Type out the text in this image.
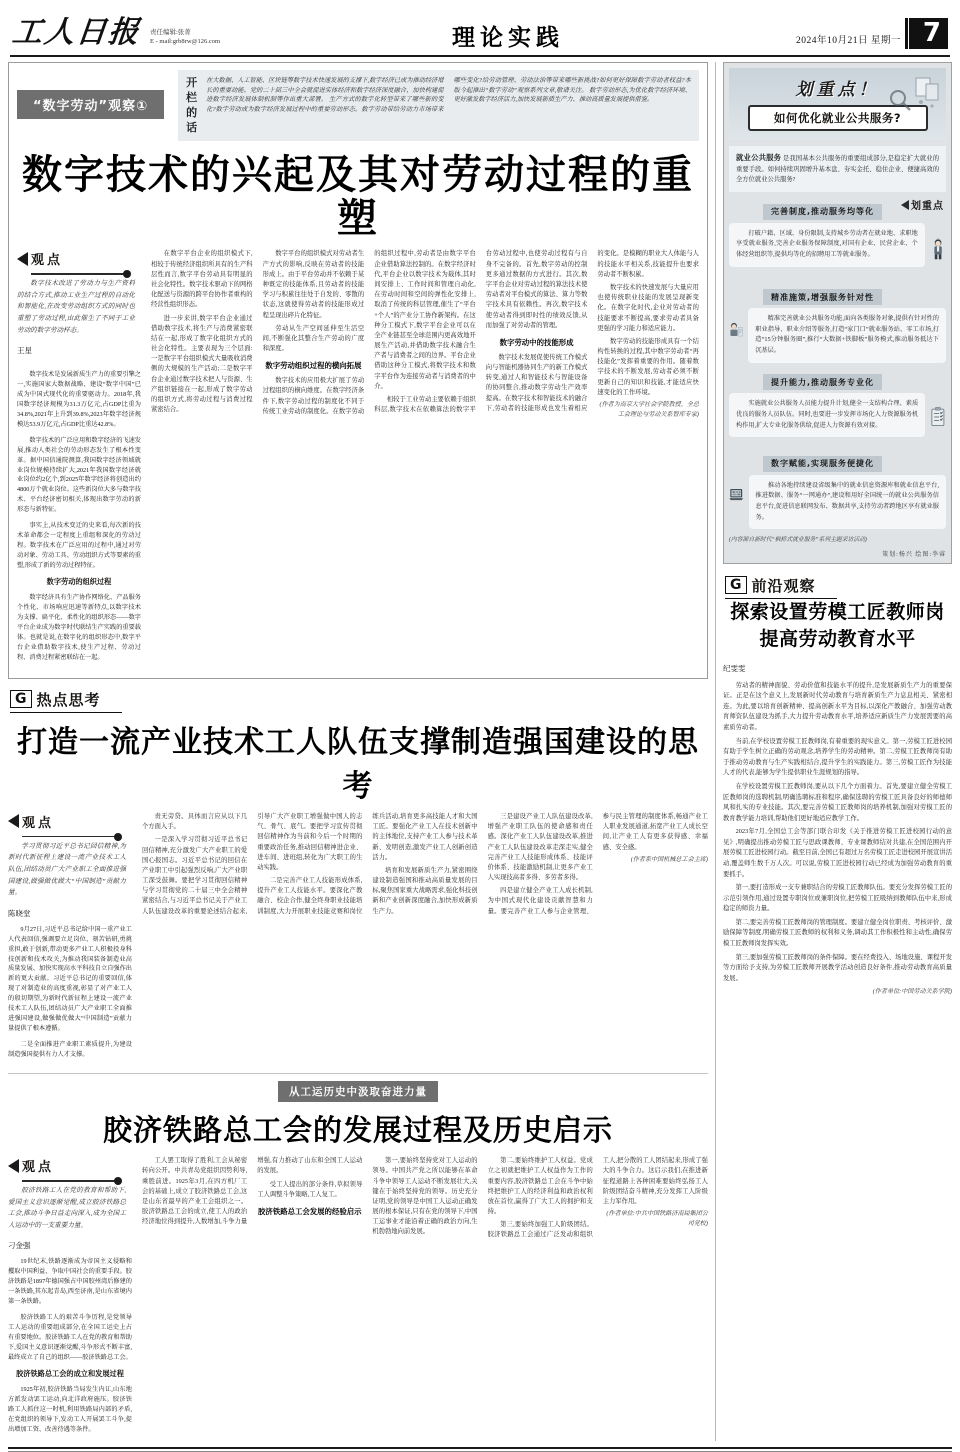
工人日报 责任编辑:张菁
E - mail:grb8rw@126.com	理论实践	2024年10月21日 星期一 7
“数字劳动”观察①
开栏的话
在大数据、人工智能、区块链等数字技术快速发展的支撑下,数字经济已成为推动经济增长的重要动能。党的二十届三中全会就促进实体经济和数字经济深度融合、加快构建促进数字经济发展体制机制等作出重大部署。 生产方式的数字化转型带来了哪些新的变化?数字劳动成为数字经济发展过程中的重要劳动形态。数字劳动带给劳动力市场带来哪些变化?给劳动管理、劳动法治等带来哪些新挑战?如何更好保障数字劳动者权益?本版今起推出“数字劳动”观察系列文章,敬请关注。 数字劳动形态,为优化数字经济环境、更好激发数字经济活力,加快发展新质生产力、推动高质量发展提供借鉴。
数字技术的兴起及其对劳动过程的重塑
观点
数字技术改进了劳动力与生产资料的结合方式,推动工业生产过程的自动化和智能化,在改变劳动组织方式的同时也重塑了劳动过程,由此催生了不同于工业劳动的数字劳动样态。
王星

数字技术是发展新质生产力的重要引擎之一,实施国家大数据战略、建设“数字中国”已成为中国式现代化的重要驱动力。2018年,我国数字经济规模为31.3万亿元,占GDP比重为34.8%,2021年上升到39.8%,2023年数字经济规模达53.9万亿元,占GDP比重达42.8%。

数字技术的广泛应用和数字经济的飞速发展,推动人类社会的劳动形态发生了根本性变革。据中国信通院测算,我国数字经济领域就业岗位规模持续扩大,2021年我国数字经济就业岗位约2亿个,到2025年数字经济将创造出约4800万个就业岗位。这些新岗位大多与数字技术、平台经济密切相关,体现出数字劳动的新形态与新特征。

事实上,从技术变迁的史来看,每次新的技术革命都会一定程度上重组和深化的劳动过程。数字技术在广泛应用的过程中,通过对劳动对象、劳动工具、劳动组织方式等要素的重塑,形成了新的劳动过程特征。

数字劳动的组织过程

数字经济具有生产协作网络化、产品服务个性化、市场响应迅速等新特点,以数字技术为支撑、扁平化、柔性化的组织形态——数字平台企业成为数字时代联结生产实践的重要载体。也就是说,在数字化的组织形态中,数字平台企业借助数字技术,使生产过程、劳动过程、消费过程紧密联结在一起。

在数字平台企业的组织模式下,相较于传统经济组织所具有的生产科层性而言,数字平台劳动具有明显的社会化特性。数字技术驱动下的网格化配送与资源的跨平台协作者重构的经营性组织形态。

进一步来讲,数字平台企业通过借助数字技术,将生产与消费紧密联结在一起,形成了数字化组织方式的社会化特性。主要表现为三个层面: 一是数字平台组织模式大量吸收消费侧的大规模的生产活动;二是数字平台企业通过数字技术把人与资源、生产组织链接在一起,形成了数字劳动的组织方式,将劳动过程与消费过程紧密结合。

数字平台的组织模式对劳动者生产方式的影响,反映在劳动者的技能形成上。由于平台劳动并不依赖于某种既定的技能体系,且劳动者的技能学习与积累往往处于自发的、零散的状态,这就使得劳动者的技能形成过程呈现出碎片化特征。

劳动从生产空间延伸至生活空间,不断强化其整合生产劳动的广度和深度。

数字劳动组织过程的横向拓展

数字技术的应用极大扩展了劳动过程组织的横向维度。在数字经济条件下,数字劳动过程的制度化不同于传统工业劳动的制度化。在数字劳动的组织过程中,劳动者是由数字平台企业借助算法控制的。在数字经济时代,平台企业以数字技术为载体,其时间安排上、工作时间和管理自动化,在劳动时间和空间的弹性化安排上,取消了传统的科层管理,催生了“平台+个人”的产业分工协作新架构。在这种分工模式下,数字平台企业可以在全产业链甚至全球范围内更高效地开展生产活动,并借助数字技术融合生产者与消费者之间的边界。平台企业借助这种分工模式,将数字技术和数字平台作为连接劳动者与消费者的中介。

相较于工业劳动主要依赖于组织科层,数字技术在依赖算法的数字平台劳动过程中,也使劳动过程有与自身不完备的。首先,数字劳动的控制更多通过数据的方式进行。其次,数字平台企业对劳动过程的算法技术使劳动者对平台模式的算法、算力等数字技术具有依赖性。再次,数字技术使劳动者得到即时性的绩效反馈,从而加强了对劳动者的管理。

数字劳动中的技能形成

数字技术发展促使传统工作模式向与智能机器协同生产的新工作模式转变,通过人和智能技术与智能设备的协同整合,推动数字劳动生产效率提高。在数字技术和智能技术的融合下,劳动者的技能形成也发生着相应的变化。是模糊的职业大人体能与人的技能水平相关系,技能提升也要求劳动者不断积累。

数字技术的快速发展与大量应用也使传统职业技能的发展呈现新变化。在数字化时代,企业对劳动者的技能要求不断提高,要求劳动者具备更强的学习能力和适应能力。

数字劳动的技能形成具有一个结构性转换的过程,其中数字劳动者“再技能化”发挥着重要的作用。随着数字技术的不断发展,劳动者必须不断更新自己的知识和技能,才能适应快速变化的工作环境。

(作者为南京大学社会学院教授、全总工会理论与劳动关系智库专家)

G 热点思考
打造一流产业技术工人队伍支撑制造强国建设的思考
观点
学习贯彻习近平总书记回信精神,为新时代新征程上建设一流产业技术工人队伍,团结动员广大产业职工全面推进强国建设,做强做优做大“中国制造”贡献力量。
陈晓堂

9月27日,习近平总书记给中国一重产业工人代表回信,强调要立足岗位、刻苦钻研,勇挑重担,敢于创新,带动更多产业工人积极投身科技创新和技术攻关,为推动我国装备制造业高质量发展、加快实现高水平科技自立自强作出新的更大贡献。习近平总书记的重要回信,体现了对制造业的高度重视,彰显了对产业工人的殷切期望,为新时代新征程上建设一流产业技术工人队伍,团结动员广大产业职工全面推进强国建设,做强做优做大“中国制造”贡献力量提供了根本遵循。

二是全面推进产业职工素质提升,为建设制造强国提供有力人才支撑。

责无旁贷。具体而言应从以下几个方面入手。

一是深入学习贯彻习近平总书记回信精神,充分激发广大产业职工的爱国心报国志。习近平总书记的回信在产业职工中引起强烈反响,广大产业职工深受鼓舞。要把学习贯彻回信精神与学习贯彻党的二十届三中全会精神紧密结合,与习近平总书记关于产业工人队伍建设改革的重要论述结合起来,引导广大产业职工增强做中国人的志气、骨气、底气。要把学习宣传贯彻回信精神作为当前和今后一个时期的重要政治任务,推动回信精神进企业、进车间、进班组,转化为广大职工的生动实践。

二是完善产业工人技能形成体系,提升产业工人技能水平。要深化产教融合、校企合作,健全终身职业技能培训制度,大力开展职业技能竞赛和岗位练兵活动,培育更多高技能人才和大国工匠。要强化产业工人在技术创新中的主体地位,支持产业工人参与技术革新、发明创造,激发产业工人创新创造活力。

培育和发展新质生产力,紧密围绕建设制造强国和推动高质量发展的目标,聚焦国家重大战略需求,强化科技创新和产业创新深度融合,加快形成新质生产力。

三是建设产业工人队伍建设改革,增强产业职工队伍的使命感和责任感。深化产业工人队伍建设改革,推进产业工人队伍建设改革走深走实,健全完善产业工人技能形成体系、技能评价体系、技能激励机制,让更多产业工人实现技高者多得、多劳者多得。

四是建立健全产业工人成长机制,为中国式现代化建设贡献智慧和力量。要完善产业工人参与企业管理、参与民主管理的制度体系,畅通产业工人职业发展通道,拓宽产业工人成长空间,让产业工人有更多获得感、幸福感、安全感。

(作者系中国机械总工会主席)

从工运历史中汲取奋进力量
胶济铁路总工会的发展过程及历史启示
观点
胶济铁路工人在党的教育和帮助下,爱国主义意识逐渐觉醒,成立胶济铁路总工会,推动斗争日益走向深入,成为全国工人运动中的一支重要力量。
刁金强

19世纪末,铁路逐渐成为帝国主义侵略和攫取中国利益、争取中国社会的重要手段。胶济铁路是1897年德国强占中国胶州湾后修建的一条铁路,其东起青岛,西至济南,是山东省境内第一条铁路。

胶济铁路工人的艰苦斗争历程,是党领导工人运动的重要组成部分,在全国工运史上占有重要地位。胶济铁路工人在党的教育和帮助下,爱国主义意识逐渐觉醒,斗争形式不断丰富,最终成立了自己的组织——胶济铁路总工会。

胶济铁路总工会的成立和发展过程

1925年初,胶济铁路当局发生内讧,山东地方派发动罢工运动,向北洋政府施压。胶济铁路工人抓住这一时机,利用铁路局内部的矛盾,在党组织的领导下,发动工人开展罢工斗争,提出增加工资、改善待遇等条件。

工人罢工取得了胜利,工会从秘密转向公开。中共青岛党组织因势利导,乘胜前进。1925年3月,在四方机厂工会的基础上,成立了胶济铁路总工会,这是山东省最早的产业工会组织之一。胶济铁路总工会的成立,使工人的政治经济地位得到提升,人数增加,斗争力量增强,有力推动了山东和全国工人运动的发展。

受工人提出的部分条件,草拟领导工人调整斗争策略,工人复工。

胶济铁路总工会发展的经验启示

第一,要始终坚持党对工人运动的领导。中国共产党之所以能够在革命斗争中领导工人运动不断发展壮大,关键在于始终坚持党的领导。历史充分证明,党的领导是中国工人运动正确发展的根本保证,只有在党的领导下,中国工运事业才能沿着正确的政治方向,生机勃勃地向前发展。

第二,要始终维护工人权益。党成立之初就把维护工人权益作为工作的重要内容,胶济铁路总工会在斗争中始终把维护工人的经济利益和政治权利放在首位,赢得了广大工人的拥护和支持。

第三,要始终加强工人阶级团结。胶济铁路总工会通过广泛发动和组织工人,把分散的工人团结起来,形成了强大的斗争合力。这启示我们,在推进新征程道路上各种困难要始终弘扬工人阶级团结奋斗精神,充分发挥工人阶级主力军作用。

(作者单位:中共中国铁路济南局集团公司党校)

划重点！
如何优化就业公共服务?
就业公共服务 是我国基本公共服务的重要组成部分,是稳定扩大就业的重要手段。如何持续巩固增升基本盘、夯实金托、稳住企业、便捷高效的全方位就业公共服务?
划重点
完善制度,推动服务均等化
打破户籍、区域、身份限制,支持城乡劳动者在就业地、求职地享受就业服务,完善企业服务保障制度,对国有企业、民营企业、个体经营组织等,提供均等化的招聘用工等就业服务。
精准施策,增强服务针对性
精准完善就业公共服务功能,面向各类服务对象,提供有针对性的职业指导、职业介绍等服务,打造“家门口”就业服务站、零工市场,打造“15分钟服务圈”,推行“大数据+铁脚板”服务模式,推动服务抵达下沉基层。
提升能力,推动服务专业化
实施就业公共服务人员能力提升计划,健全一支结构合理、素质优良的服务人员队伍。同时,也要进一步发挥市场化人力资源服务机构作用,扩大专业化服务供给,促进人力资源有效对接。
数字赋能,实现服务便捷化
推动各地持续建设省级集中的就业信息资源库和就业信息平台,推进数据、服务“一网通办”,建设和用好全国统一的就业公共服务信息平台,促进信息联网发布、数据共享,支持劳动者跨地区享有就业服务。
(内容源自新时代“枫桥式就业服务”系列主题采访活动)
策划:杨兴 绘图:李睿
G 前沿观察
探索设置劳模工匠教师岗
提高劳动教育水平
纪雯雯

劳动者的精神面貌、劳动价值和技能水平的提升,是发展新质生产力的重要保证。正是在这个意义上,发展新时代劳动教育与培育新质生产力息息相关、紧密相连。为此,要以培育创新精神、提高创新水平为目标,以深化产教融合、加强劳动教育师资队伍建设为抓手,大力提升劳动教育水平,培养适应新质生产力发展需要的高素质劳动者。

当前,在学校设置劳模工匠教师岗,有着重要的现实意义。第一,劳模工匠进校园有助于学生树立正确的劳动观念,培养学生的劳动精神。第二,劳模工匠教师岗有助于推动劳动教育与生产实践相结合,提升学生的实践能力。第三,劳模工匠作为技能人才的代表,能够为学生提供职业生涯规划的指导。

在学校设置劳模工匠教师岗,要从以下几个方面着力。首先,要建立健全劳模工匠教师岗的选聘机制,明确选聘标准和程序,确保选聘的劳模工匠具备良好的师德师风和扎实的专业技能。其次,要完善劳模工匠教师岗的培养机制,加强对劳模工匠的教育教学能力培训,帮助他们更好地适应教学工作。

2023年7月,全国总工会等部门联合印发《关于推进劳模工匠进校园行动的意见》,明确提出推动劳模工匠与思政课教师、专业课教师结对共建,在全国范围内开展劳模工匠进校园行动。截至目前,全国已有超过万名劳模工匠走进校园开展宣讲活动,覆盖师生数千万人次。可以说,劳模工匠进校园行动已经成为加强劳动教育的重要抓手。

第一,要打造形成一支专兼职结合的劳模工匠教师队伍。要充分发挥劳模工匠的示范引领作用,通过设置专职岗位或兼职岗位,把劳模工匠吸纳到教师队伍中来,形成稳定的师资力量。

第二,要完善劳模工匠教师岗的管理制度。要建立健全岗位职责、考核评价、激励保障等制度,明确劳模工匠教师的权利和义务,调动其工作积极性和主动性,确保劳模工匠教师岗发挥实效。

第三,要加强劳模工匠教师岗的条件保障。要在经费投入、场地设施、课程开发等方面给予支持,为劳模工匠教师开展教学活动创造良好条件,推动劳动教育高质量发展。

(作者单位:中国劳动关系学院)
